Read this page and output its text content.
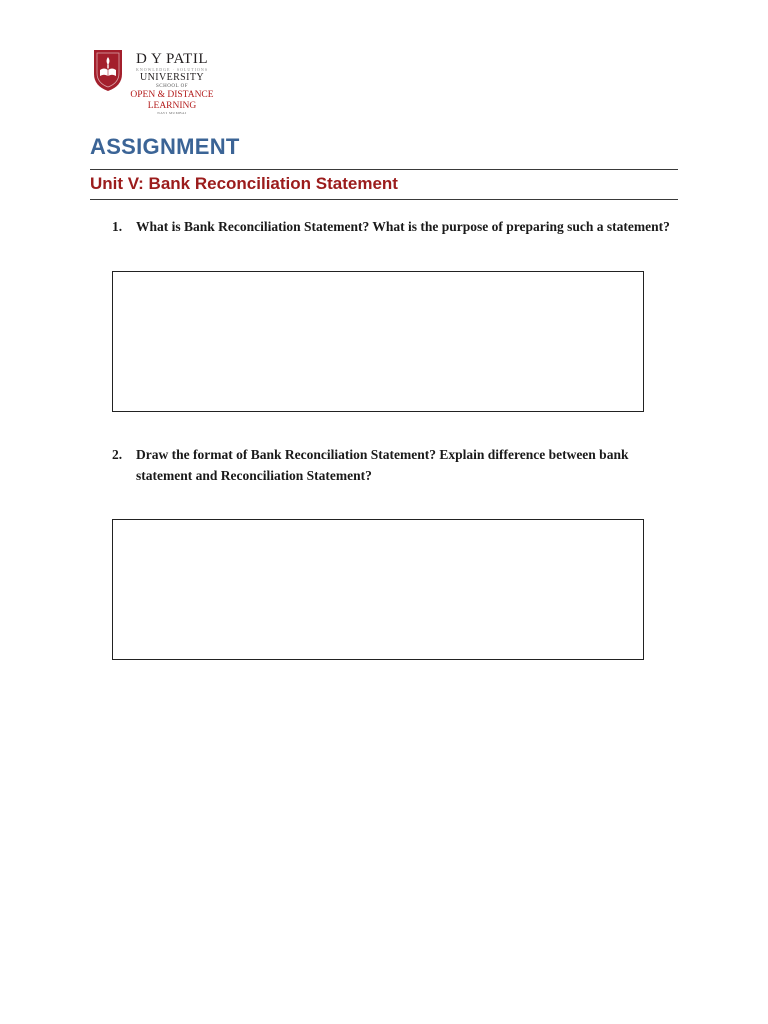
D Y PATIL
KNOWLEDGE · SOLUTIONS
UNIVERSITY
SCHOOL OF
OPEN & DISTANCE
LEARNING
NAVI MUMBAI
ASSIGNMENT
Unit V: Bank Reconciliation Statement
1. What is Bank Reconciliation Statement? What is the purpose of preparing such a statement?
2. Draw the format of Bank Reconciliation Statement? Explain difference between bank statement and Reconciliation Statement?
